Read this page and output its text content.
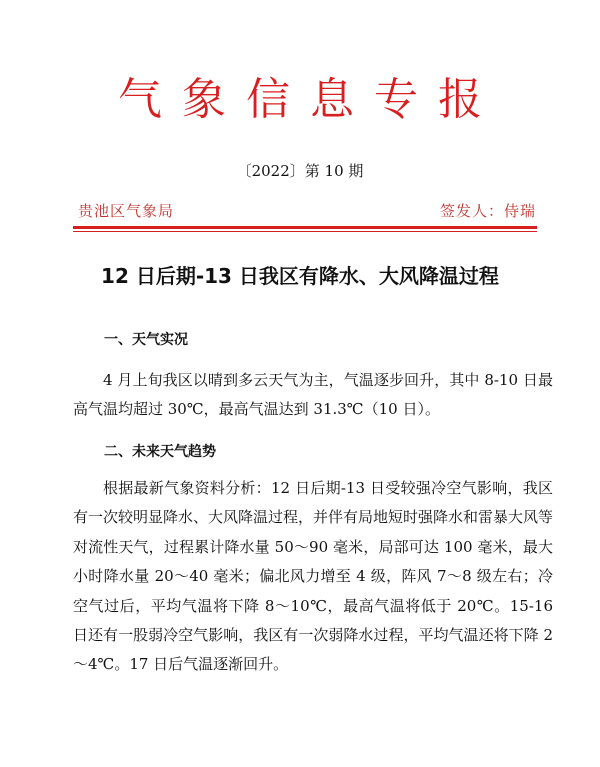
气象信息专报
〔2022〕第 10 期
贵池区气象局	签发人：侍瑞
12 日后期-13 日我区有降水、大风降温过程
一、天气实况
4 月上旬我区以晴到多云天气为主，气温逐步回升，其中 8-10 日最高气温均超过 30℃，最高气温达到 31.3℃（10 日）。
二、未来天气趋势
根据最新气象资料分析：12 日后期-13 日受较强冷空气影响，我区有一次较明显降水、大风降温过程，并伴有局地短时强降水和雷暴大风等对流性天气，过程累计降水量 50～90 毫米，局部可达 100 毫米，最大小时降水量 20～40 毫米；偏北风力增至 4 级，阵风 7～8 级左右；冷空气过后，平均气温将下降 8～10℃，最高气温将低于 20℃。15-16 日还有一股弱冷空气影响，我区有一次弱降水过程，平均气温还将下降 2～4℃。17 日后气温逐渐回升。
